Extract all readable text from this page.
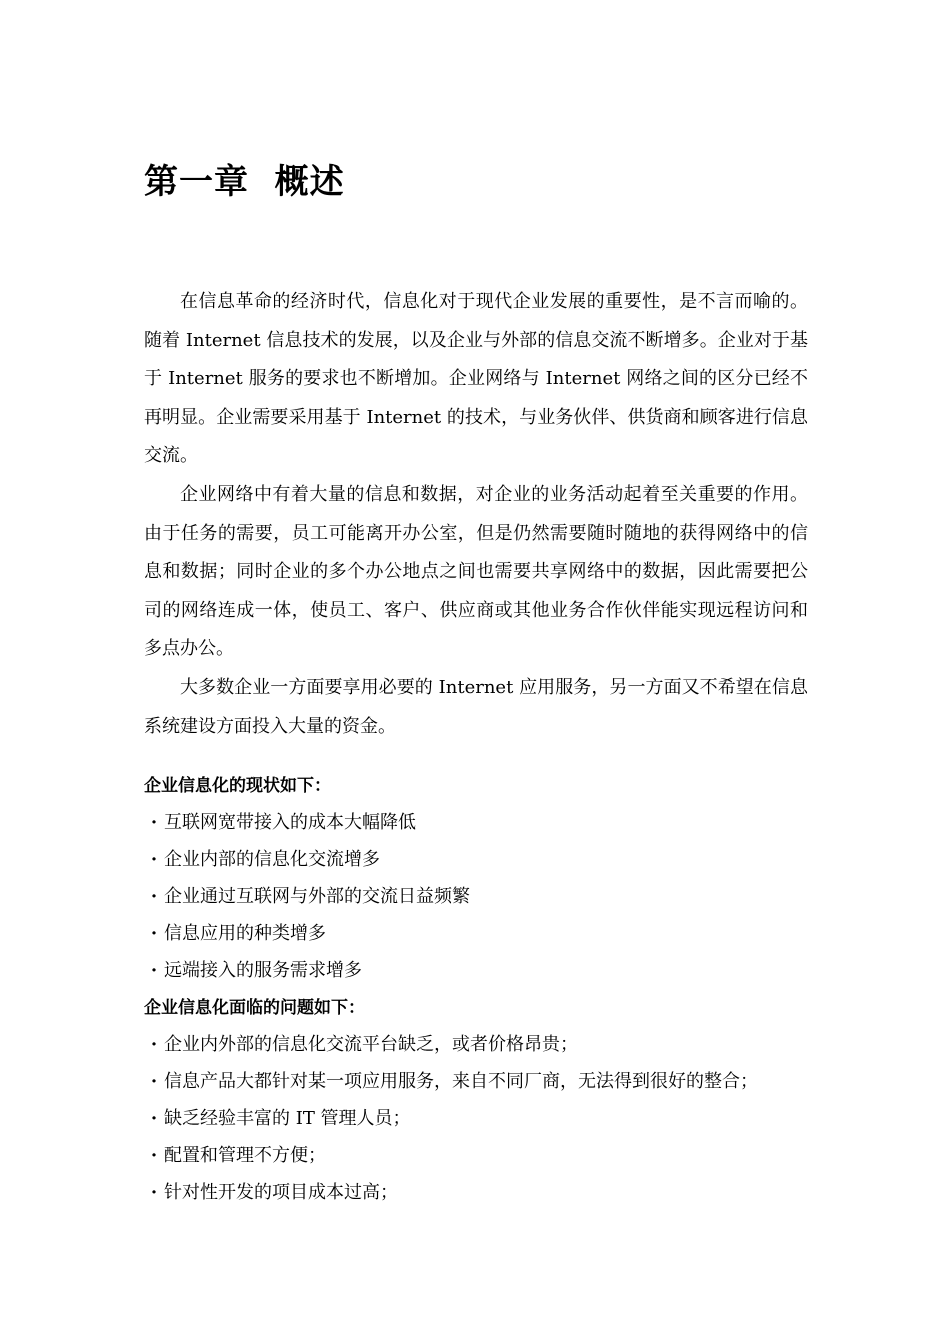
第一章  概述

在信息革命的经济时代，信息化对于现代企业发展的重要性，是不言而喻的。随着 Internet 信息技术的发展，以及企业与外部的信息交流不断增多。企业对于基于 Internet 服务的要求也不断增加。企业网络与 Internet 网络之间的区分已经不再明显。企业需要采用基于 Internet 的技术，与业务伙伴、供货商和顾客进行信息交流。

企业网络中有着大量的信息和数据，对企业的业务活动起着至关重要的作用。由于任务的需要，员工可能离开办公室，但是仍然需要随时随地的获得网络中的信息和数据；同时企业的多个办公地点之间也需要共享网络中的数据，因此需要把公司的网络连成一体，使员工、客户、供应商或其他业务合作伙伴能实现远程访问和多点办公。

大多数企业一方面要享用必要的 Internet 应用服务，另一方面又不希望在信息系统建设方面投入大量的资金。

企业信息化的现状如下：
· 互联网宽带接入的成本大幅降低
· 企业内部的信息化交流增多
· 企业通过互联网与外部的交流日益频繁
· 信息应用的种类增多
· 远端接入的服务需求增多
企业信息化面临的问题如下：
· 企业内外部的信息化交流平台缺乏，或者价格昂贵；
· 信息产品大都针对某一项应用服务，来自不同厂商，无法得到很好的整合；
· 缺乏经验丰富的 IT 管理人员；
· 配置和管理不方便；
· 针对性开发的项目成本过高；
